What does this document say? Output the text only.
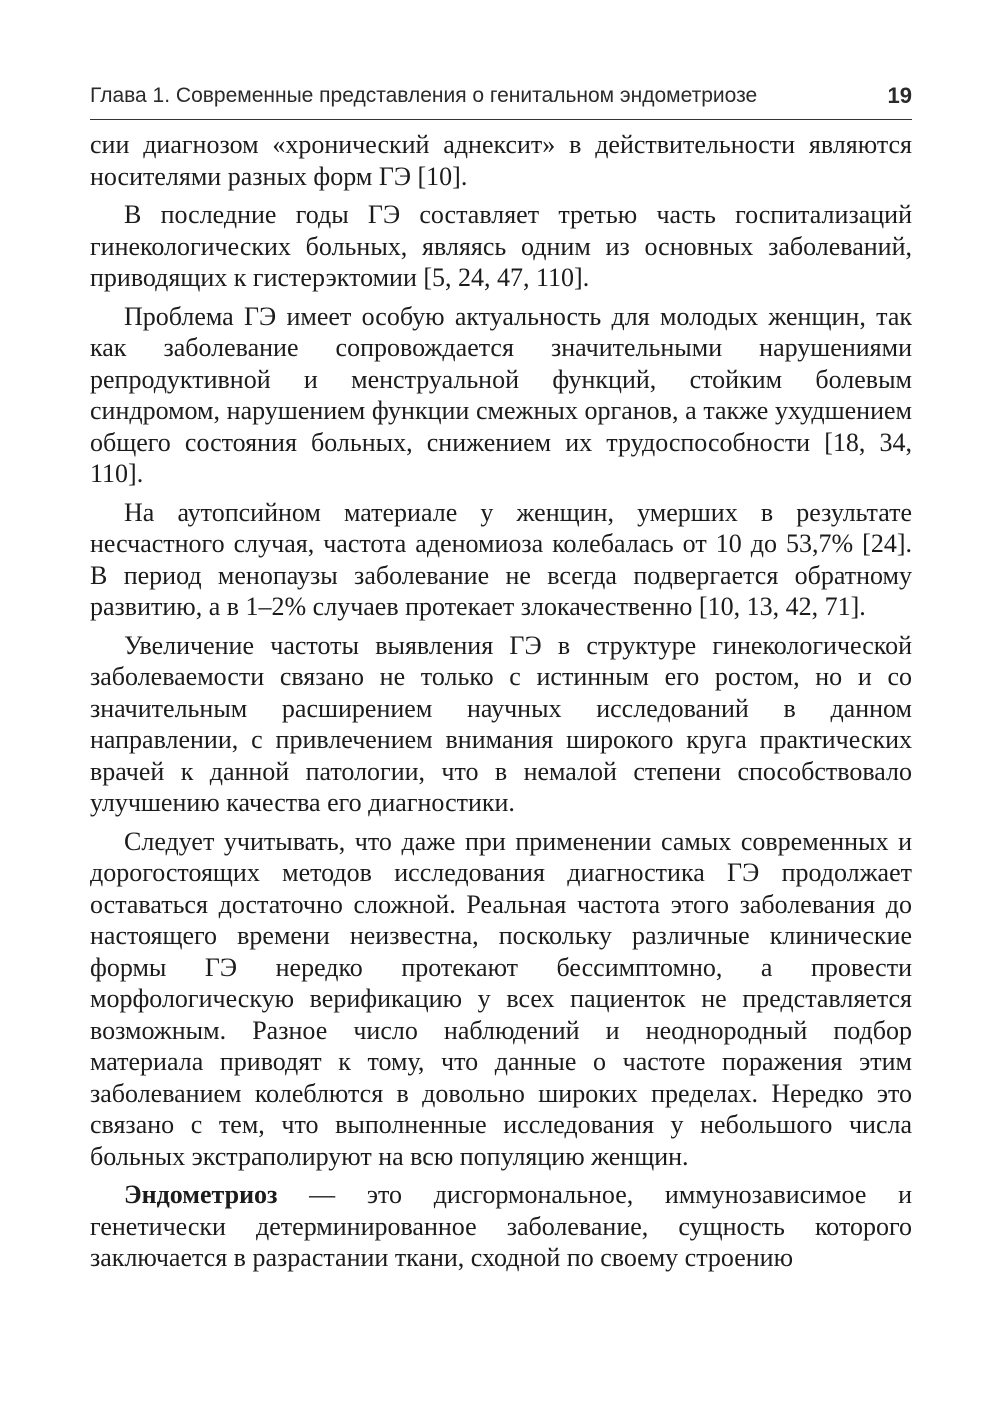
Глава 1. Современные представления о генитальном эндометриозе	19

сии диагнозом «хронический аднексит» в действительности являются носителями разных форм ГЭ [10].

В последние годы ГЭ составляет третью часть госпитализаций гинекологических больных, являясь одним из основных заболеваний, приводящих к гистерэктомии [5, 24, 47, 110].

Проблема ГЭ имеет особую актуальность для молодых женщин, так как заболевание сопровождается значительными нарушениями репродуктивной и менструальной функций, стойким болевым синдромом, нарушением функции смежных органов, а также ухудшением общего состояния больных, снижением их трудоспособности [18, 34, 110].

На аутопсийном материале у женщин, умерших в результате несчастного случая, частота аденомиоза колебалась от 10 до 53,7% [24]. В период менопаузы заболевание не всегда подвергается обратному развитию, а в 1–2% случаев протекает злокачественно [10, 13, 42, 71].

Увеличение частоты выявления ГЭ в структуре гинекологической заболеваемости связано не только с истинным его ростом, но и со значительным расширением научных исследований в данном направлении, с привлечением внимания широкого круга практических врачей к данной патологии, что в немалой степени способствовало улучшению качества его диагностики.

Следует учитывать, что даже при применении самых современных и дорогостоящих методов исследования диагностика ГЭ продолжает оставаться достаточно сложной. Реальная частота этого заболевания до настоящего времени неизвестна, поскольку различные клинические формы ГЭ нередко протекают бессимптомно, а провести морфологическую верификацию у всех пациенток не представляется возможным. Разное число наблюдений и неоднородный подбор материала приводят к тому, что данные о частоте поражения этим заболеванием колеблются в довольно широких пределах. Нередко это связано с тем, что выполненные исследования у небольшого числа больных экстраполируют на всю популяцию женщин.

Эндометриоз — это дисгормональное, иммунозависимое и генетически детерминированное заболевание, сущность которого заключается в разрастании ткани, сходной по своему строению
